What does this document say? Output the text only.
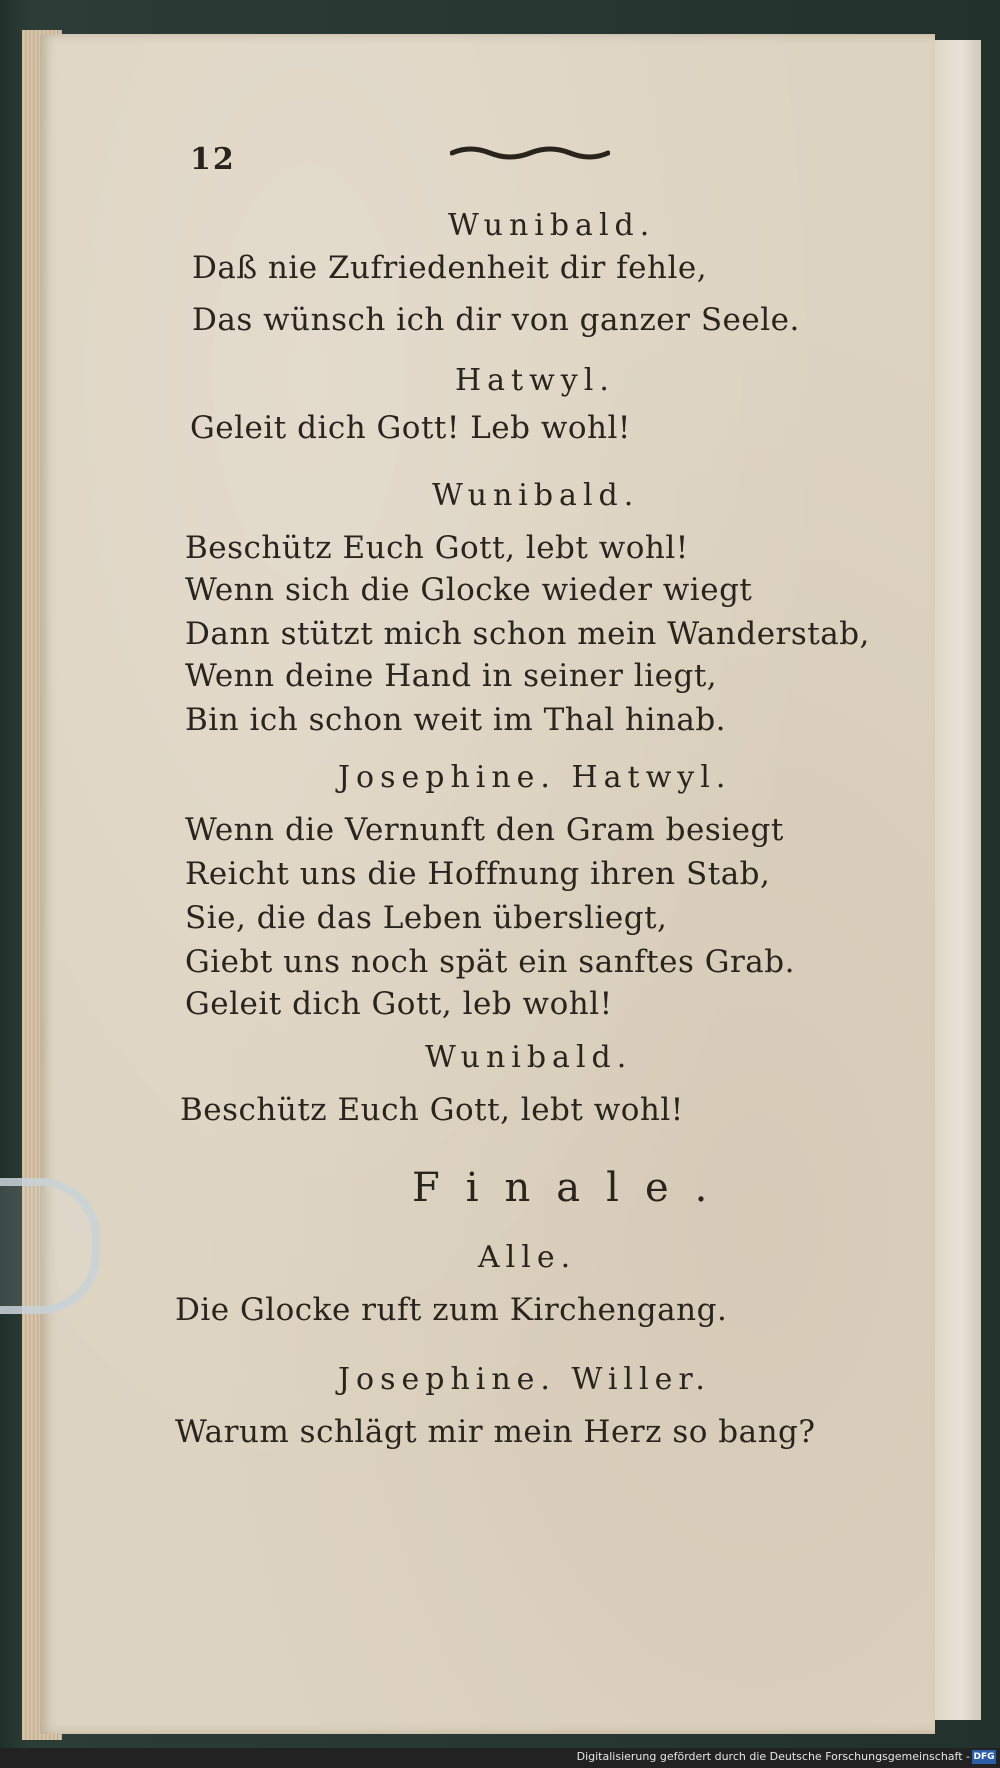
12
Wunibald.
Daß nie Zufriedenheit dir fehle,
Das wünsch ich dir von ganzer Seele.
Hatwyl.
Geleit dich Gott! Leb wohl!
Wunibald.
Beschütz Euch Gott, lebt wohl!
Wenn sich die Glocke wieder wiegt
Dann stützt mich schon mein Wanderstab,
Wenn deine Hand in seiner liegt,
Bin ich schon weit im Thal hinab.
Josephine. Hatwyl.
Wenn die Vernunft den Gram besiegt
Reicht uns die Hoffnung ihren Stab,
Sie, die das Leben übersliegt,
Giebt uns noch spät ein sanftes Grab.
Geleit dich Gott, leb wohl!
Wunibald.
Beschütz Euch Gott, lebt wohl!
Finale.
Alle.
Die Glocke ruft zum Kirchengang.
Josephine. Willer.
Warum schlägt mir mein Herz so bang?
Digitalisierung gefördert durch die Deutsche Forschungsgemeinschaft - DFG
